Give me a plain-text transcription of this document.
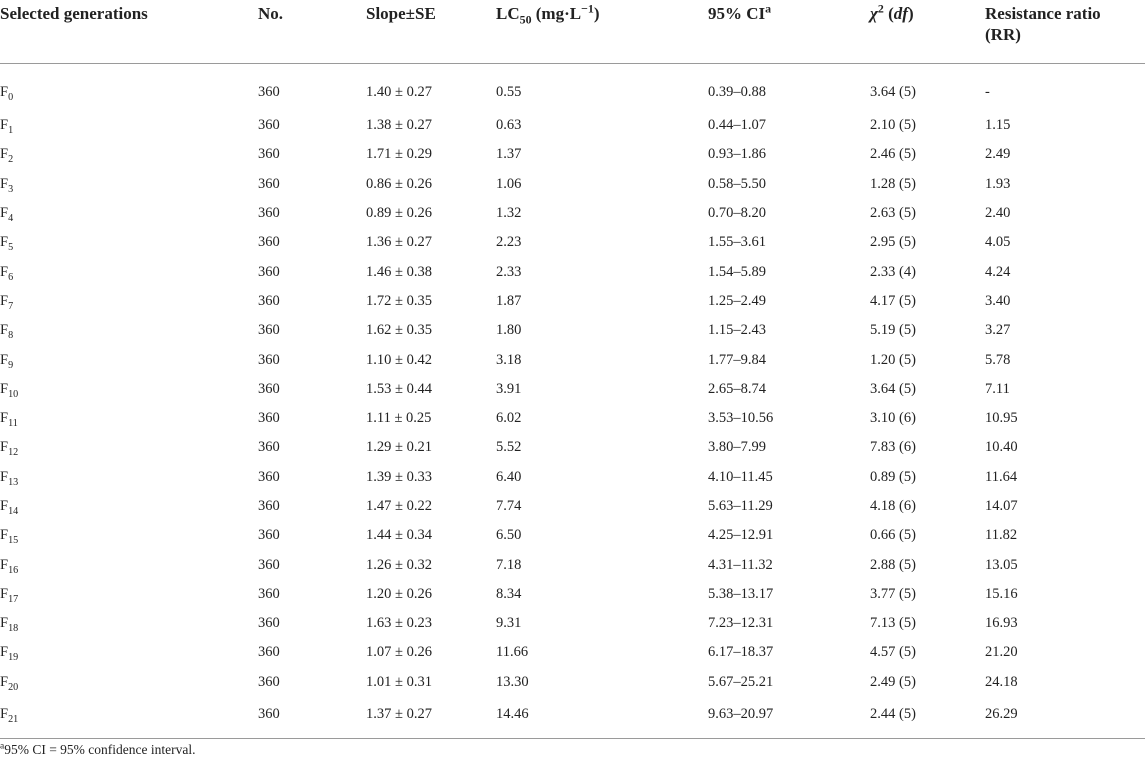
Selected generations	No.	Slope±SE	$LC_{50}$ $(mg\cdot L^{-1})$	95% $CI^a$	$\chi^2$ (df)	Resistance ratio
(RR)
$F_0$	360	1.40 ± 0.27	0.55	0.39–0.88	3.64 (5)	-
$F_1$	360	1.38 ± 0.27	0.63	0.44–1.07	2.10 (5)	1.15
$F_2$	360	1.71 ± 0.29	1.37	0.93–1.86	2.46 (5)	2.49
$F_3$	360	0.86 ± 0.26	1.06	0.58–5.50	1.28 (5)	1.93
$F_4$	360	0.89 ± 0.26	1.32	0.70–8.20	2.63 (5)	2.40
$F_5$	360	1.36 ± 0.27	2.23	1.55–3.61	2.95 (5)	4.05
$F_6$	360	1.46 ± 0.38	2.33	1.54–5.89	2.33 (4)	4.24
$F_7$	360	1.72 ± 0.35	1.87	1.25–2.49	4.17 (5)	3.40
$F_8$	360	1.62 ± 0.35	1.80	1.15–2.43	5.19 (5)	3.27
$F_9$	360	1.10 ± 0.42	3.18	1.77–9.84	1.20 (5)	5.78
$F_{10}$	360	1.53 ± 0.44	3.91	2.65–8.74	3.64 (5)	7.11
$F_{11}$	360	1.11 ± 0.25	6.02	3.53–10.56	3.10 (6)	10.95
$F_{12}$	360	1.29 ± 0.21	5.52	3.80–7.99	7.83 (6)	10.40
$F_{13}$	360	1.39 ± 0.33	6.40	4.10–11.45	0.89 (5)	11.64
$F_{14}$	360	1.47 ± 0.22	7.74	5.63–11.29	4.18 (6)	14.07
$F_{15}$	360	1.44 ± 0.34	6.50	4.25–12.91	0.66 (5)	11.82
$F_{16}$	360	1.26 ± 0.32	7.18	4.31–11.32	2.88 (5)	13.05
$F_{17}$	360	1.20 ± 0.26	8.34	5.38–13.17	3.77 (5)	15.16
$F_{18}$	360	1.63 ± 0.23	9.31	7.23–12.31	7.13 (5)	16.93
$F_{19}$	360	1.07 ± 0.26	11.66	6.17–18.37	4.57 (5)	21.20
$F_{20}$	360	1.01 ± 0.31	13.30	5.67–25.21	2.49 (5)	24.18
$F_{21}$	360	1.37 ± 0.27	14.46	9.63–20.97	2.44 (5)	26.29
$^a$95% CI = 95% confidence interval.
